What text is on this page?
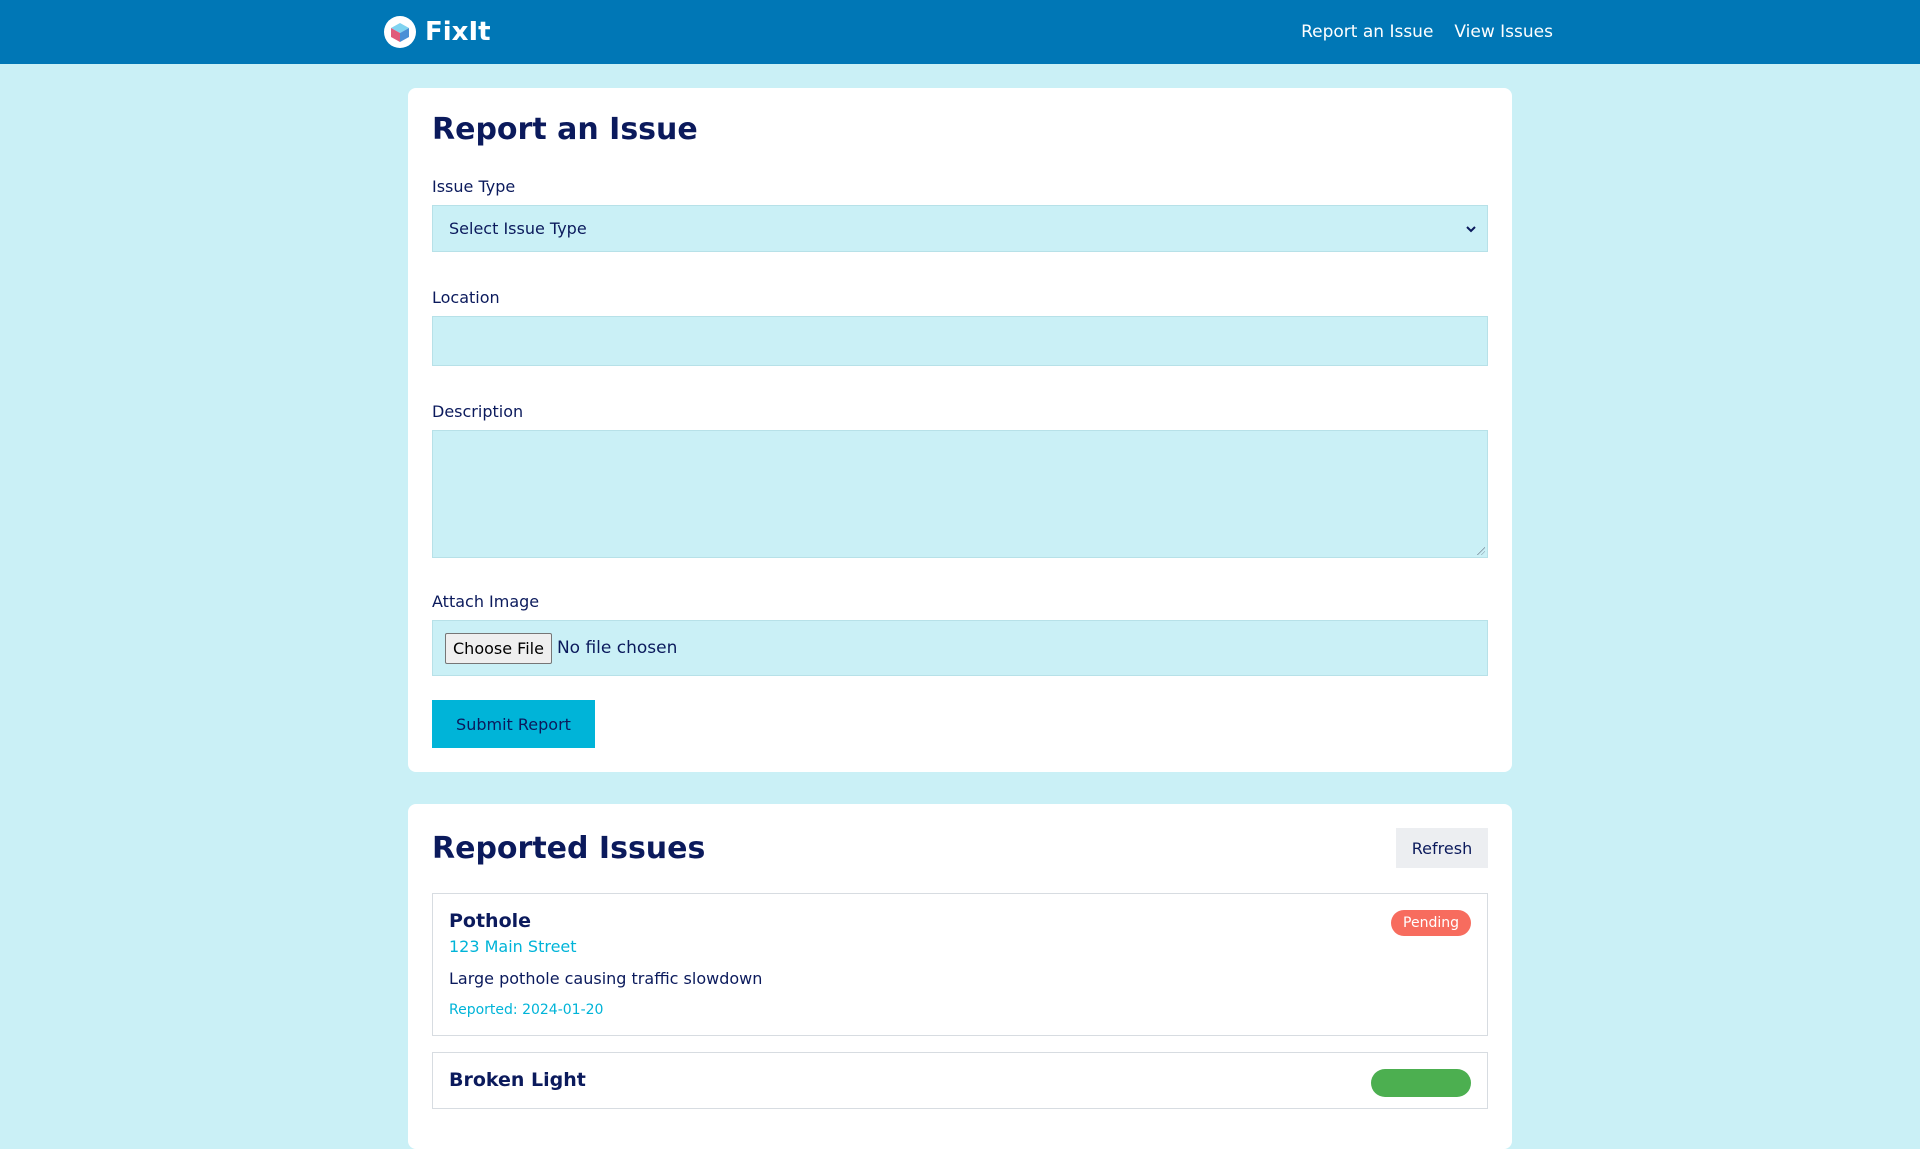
FixIt	Report an Issue View Issues
Report an Issue
Issue Type
Select Issue Type
Location
Description
Attach Image
Choose File No file chosen
Submit Report
Reported Issues	Refresh
Pothole
123 Main Street
Large pothole causing traffic slowdown
Reported: 2024-01-20
Pending
Broken Light
